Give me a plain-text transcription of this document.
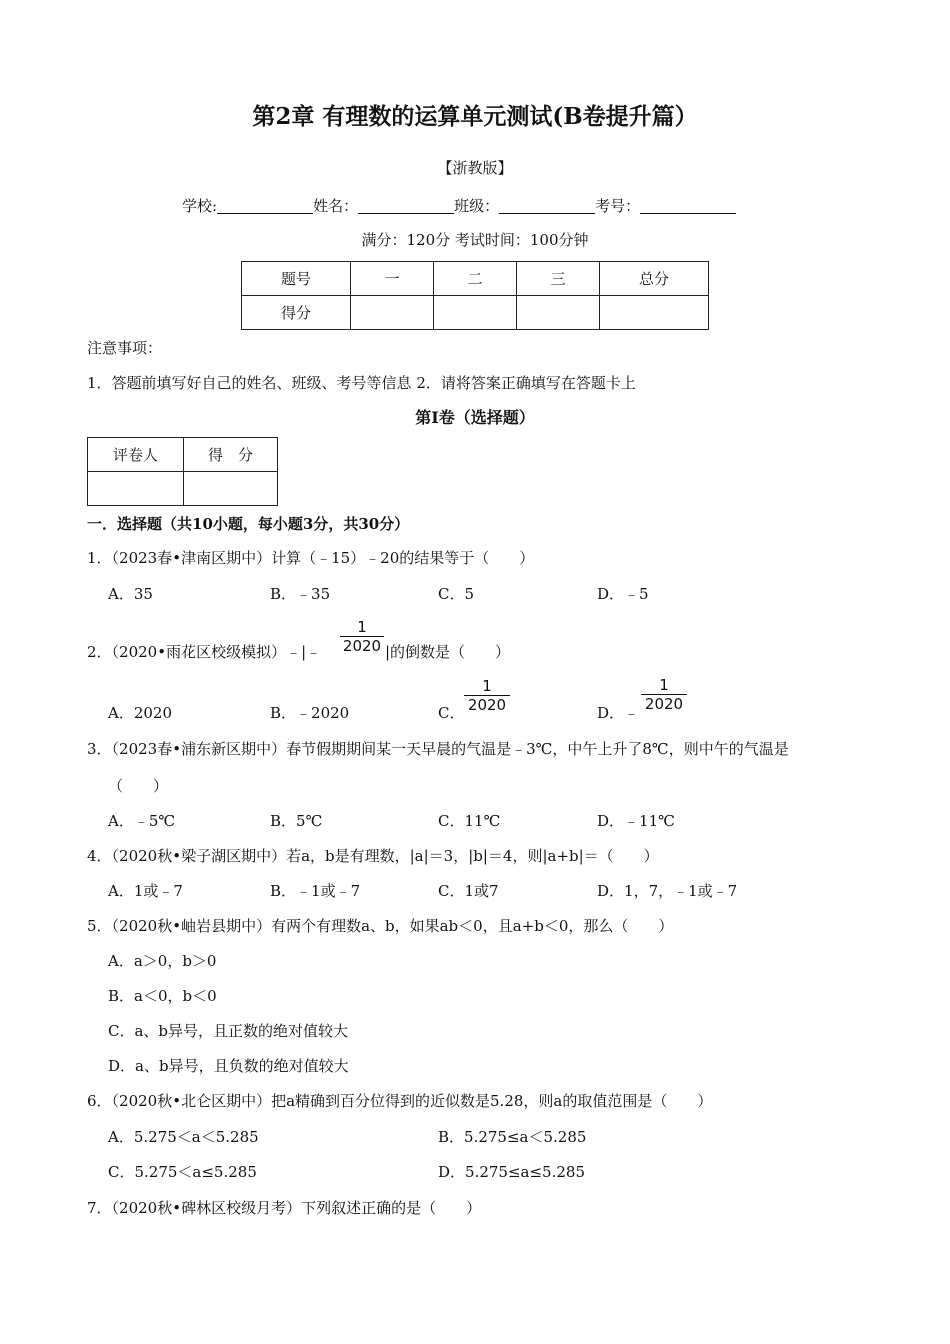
第2章 有理数的运算单元测试(B卷提升篇）
【浙教版】
学校:	姓名：	班级：	考号：
满分：120分 考试时间：100分钟
题号	一	二	三	总分
得分				
注意事项：
1．答题前填写好自己的姓名、班级、考号等信息 2．请将答案正确填写在答题卡上
第Ⅰ卷（选择题）
评卷人	得　分

一．选择题（共10小题，每小题3分，共30分）
1．（2023春•津南区期中）计算（﹣15）﹣20的结果等于（　　）
A．35	B．﹣35	C．5	D．﹣5
2．（2020•雨花区校级模拟）﹣|﹣ $\frac{1}{2020}$ |的倒数是（　　）
A．2020	B．﹣2020	C． $\frac{1}{2020}$	D．﹣ $\frac{1}{2020}$
3．（2023春•浦东新区期中）春节假期期间某一天早晨的气温是﹣3℃，中午上升了8℃，则中午的气温是
（　　）
A．﹣5℃	B．5℃	C．11℃	D．﹣11℃
4．（2020秋•梁子湖区期中）若a，b是有理数，|a|＝3，|b|＝4，则|a+b|＝（　　）
A．1或﹣7	B．﹣1或﹣7	C．1或7	D．1，7，﹣1或﹣7
5．（2020秋•岫岩县期中）有两个有理数a、b，如果ab＜0，且a+b＜0，那么（　　）
A．a＞0，b＞0
B．a＜0，b＜0
C．a、b异号，且正数的绝对值较大
D．a、b异号，且负数的绝对值较大
6．（2020秋•北仑区期中）把a精确到百分位得到的近似数是5.28，则a的取值范围是（　　）
A．5.275＜a＜5.285	B．5.275≤a＜5.285
C．5.275＜a≤5.285	D．5.275≤a≤5.285
7．（2020秋•碑林区校级月考）下列叙述正确的是（　　）
